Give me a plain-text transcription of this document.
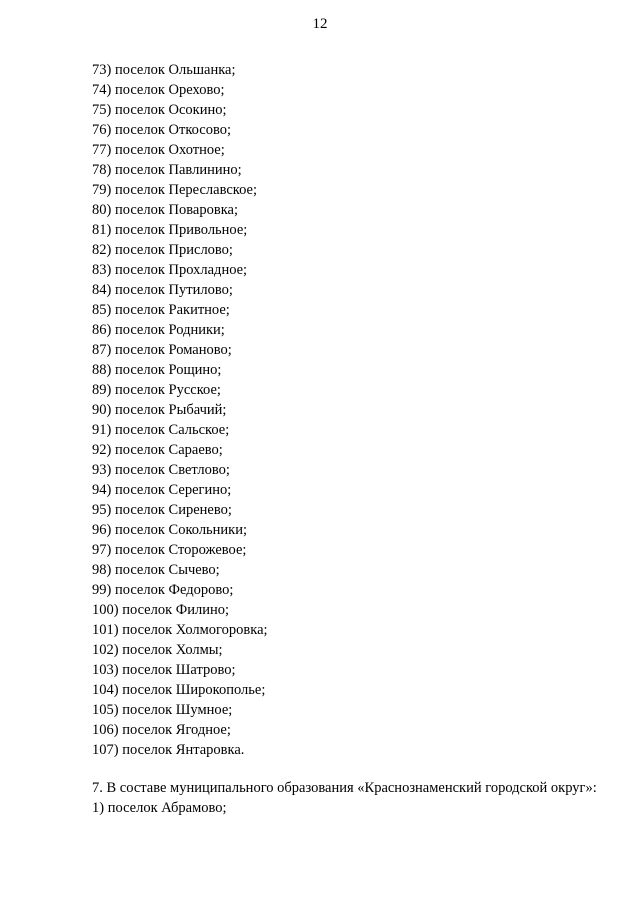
12
73) поселок Ольшанка;
74) поселок Орехово;
75) поселок Осокино;
76) поселок Откосово;
77) поселок Охотное;
78) поселок Павлинино;
79) поселок Переславское;
80) поселок Поваровка;
81) поселок Привольное;
82) поселок Прислово;
83) поселок Прохладное;
84) поселок Путилово;
85) поселок Ракитное;
86) поселок Родники;
87) поселок Романово;
88) поселок Рощино;
89) поселок Русское;
90) поселок Рыбачий;
91) поселок Сальское;
92) поселок Сараево;
93) поселок Светлово;
94) поселок Серегино;
95) поселок Сиренево;
96) поселок Сокольники;
97) поселок Сторожевое;
98) поселок Сычево;
99) поселок Федорово;
100) поселок Филино;
101) поселок Холмогоровка;
102) поселок Холмы;
103) поселок Шатрово;
104) поселок Широкополье;
105) поселок Шумное;
106) поселок Ягодное;
107) поселок Янтаровка.
7. В составе муниципального образования «Краснознаменский городской округ»:
1) поселок Абрамово;
